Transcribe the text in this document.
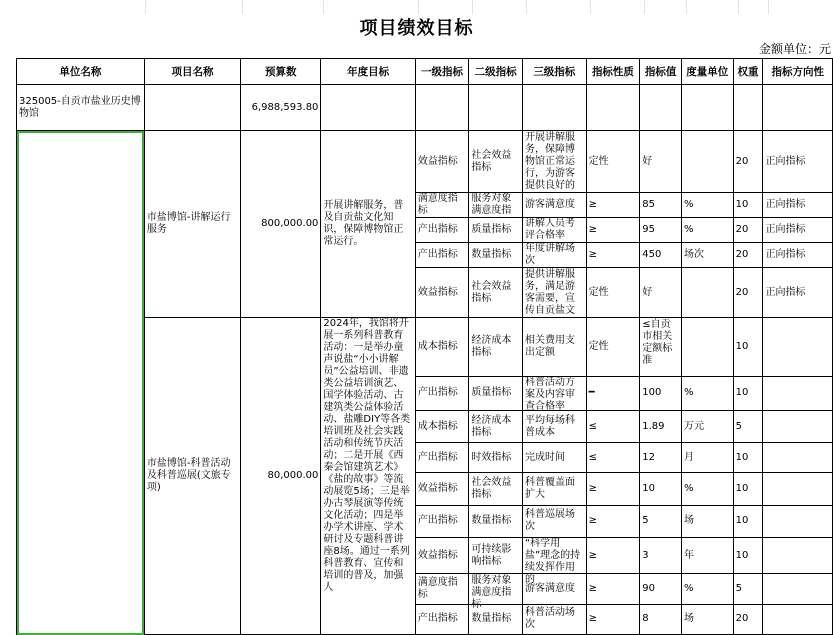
项目绩效目标
金额单位：元
单位名称	项目名称	预算数	年度目标	一级指标	二级指标	三级指标	指标性质	指标值	度量单位	权重	指标方向性
325005-自贡市盐业历史博物馆		6,988,593.80									
	市盐博馆-讲解运行服务	800,000.00	开展讲解服务，普及自贡盐文化知识，保障博物馆正常运行。	效益指标	社会效益指标	开展讲解服务，保障博物馆正常运行，为游客提供良好的	定性	好		20	正向指标
				满意度指标	服务对象满意度指	游客满意度	≥	85	%	10	正向指标
				产出指标	质量指标	讲解人员考评合格率	≥	95	%	20	正向指标
				产出指标	数量指标	年度讲解场次	≥	450	场次	20	正向指标
				效益指标	社会效益指标	提供讲解服务，满足游客需要，宣传自贡盐文	定性	好		20	正向指标
	市盐博馆-科普活动及科普巡展(文旅专项)	80,000.00	2024年，我馆将开展一系列科普教育活动：一是举办童声说盐“小小讲解员”公益培训、非遗类公益培训演艺、国学体验活动、古建筑类公益体验活动、盐雕DIY等各类培训班及社会实践活动和传统节庆活动；二是开展《西秦会馆建筑艺术》《盐的故事》等流动展览5场；三是举办古琴展演等传统文化活动；四是举办学术讲座、学术研讨及专题科普讲座8场。通过一系列科普教育、宣传和培训的普及，加强人	成本指标	经济成本指标	相关费用支出定额	定性	≤自贡市相关定额标准		10	
				产出指标	质量指标	科普活动方案及内容审查合格率	━	100	%	10	
				成本指标	经济成本指标	平均每场科普成本	≤	1.89	万元	5	
				产出指标	时效指标	完成时间	≤	12	月	10	
				效益指标	社会效益指标	科普覆盖面扩大	≥	10	%	10	
				产出指标	数量指标	科普巡展场次	≥	5	场	10	
				效益指标	可持续影响指标	“科学用盐”理念的持续发挥作用的	≥	3	年	10	
				满意度指标	服务对象满意度指标	游客满意度	≥	90	%	5	
				产出指标	数量指标	科普活动场次	≥	8	场	20	
